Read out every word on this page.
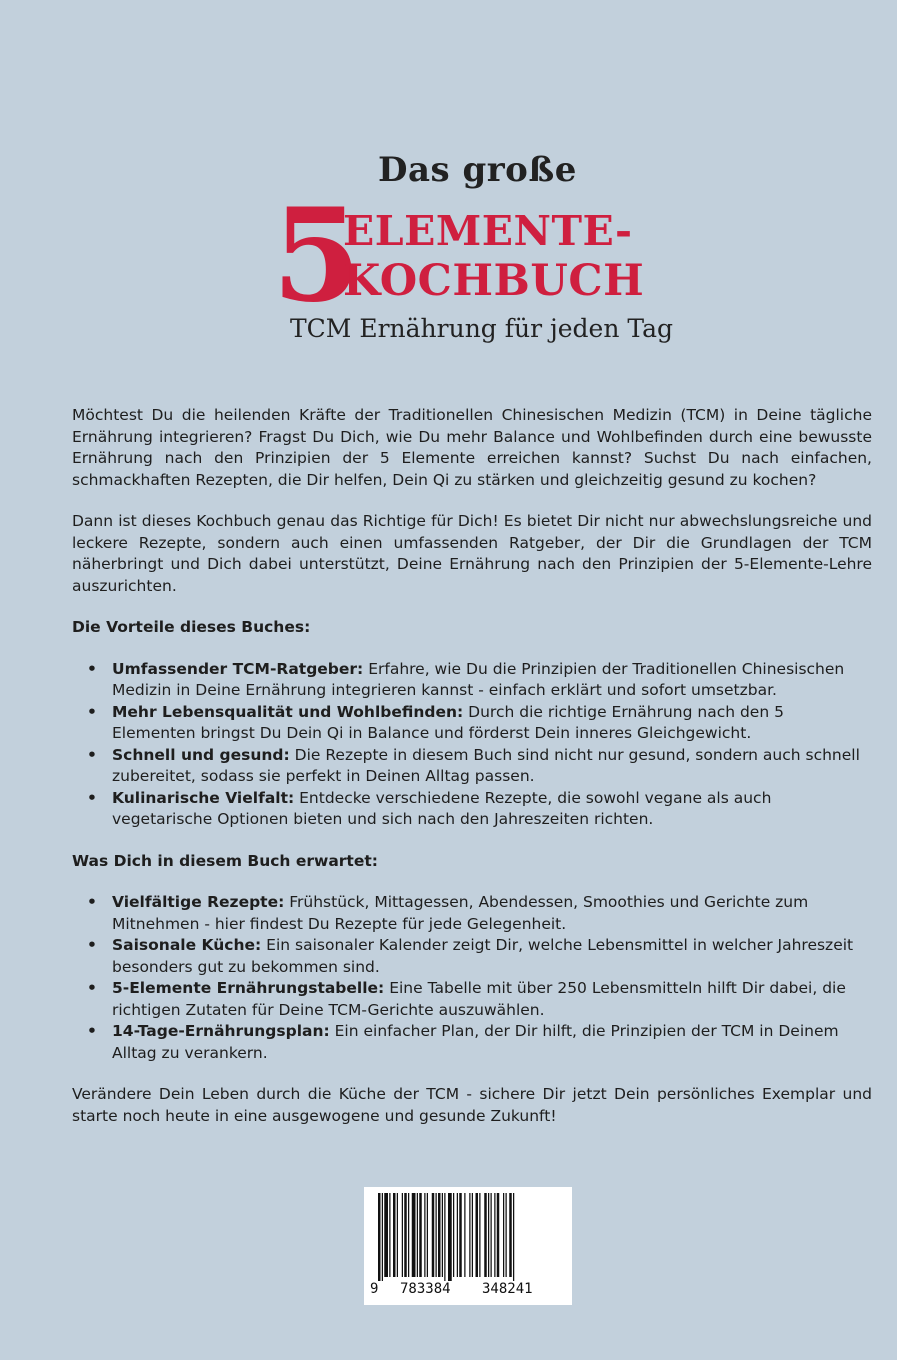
Das große
5
ELEMENTE-
KOCHBUCH
TCM Ernährung für jeden Tag

Möchtest Du die heilenden Kräfte der Traditionellen Chinesischen Medizin (TCM) in Deine tägliche Ernährung integrieren? Fragst Du Dich, wie Du mehr Balance und Wohlbefinden durch eine bewusste Ernährung nach den Prinzipien der 5 Elemente erreichen kannst? Suchst Du nach einfachen, schmackhaften Rezepten, die Dir helfen, Dein Qi zu stärken und gleichzeitig gesund zu kochen?

Dann ist dieses Kochbuch genau das Richtige für Dich! Es bietet Dir nicht nur abwechslungsreiche und leckere Rezepte, sondern auch einen umfassenden Ratgeber, der Dir die Grundlagen der TCM näherbringt und Dich dabei unterstützt, Deine Ernährung nach den Prinzipien der 5-Elemente-Lehre auszurichten.

Die Vorteile dieses Buches:

• Umfassender TCM-Ratgeber: Erfahre, wie Du die Prinzipien der Traditionellen Chinesischen Medizin in Deine Ernährung integrieren kannst - einfach erklärt und sofort umsetzbar.
• Mehr Lebensqualität und Wohlbefinden: Durch die richtige Ernährung nach den 5 Elementen bringst Du Dein Qi in Balance und förderst Dein inneres Gleichgewicht.
• Schnell und gesund: Die Rezepte in diesem Buch sind nicht nur gesund, sondern auch schnell zubereitet, sodass sie perfekt in Deinen Alltag passen.
• Kulinarische Vielfalt: Entdecke verschiedene Rezepte, die sowohl vegane als auch vegetarische Optionen bieten und sich nach den Jahreszeiten richten.

Was Dich in diesem Buch erwartet:

• Vielfältige Rezepte: Frühstück, Mittagessen, Abendessen, Smoothies und Gerichte zum Mitnehmen - hier findest Du Rezepte für jede Gelegenheit.
• Saisonale Küche: Ein saisonaler Kalender zeigt Dir, welche Lebensmittel in welcher Jahreszeit besonders gut zu bekommen sind.
• 5-Elemente Ernährungstabelle: Eine Tabelle mit über 250 Lebensmitteln hilft Dir dabei, die richtigen Zutaten für Deine TCM-Gerichte auszuwählen.
• 14-Tage-Ernährungsplan: Ein einfacher Plan, der Dir hilft, die Prinzipien der TCM in Deinem Alltag zu verankern.

Verändere Dein Leben durch die Küche der TCM - sichere Dir jetzt Dein persönliches Exemplar und starte noch heute in eine ausgewogene und gesunde Zukunft!

9 783384 348241
